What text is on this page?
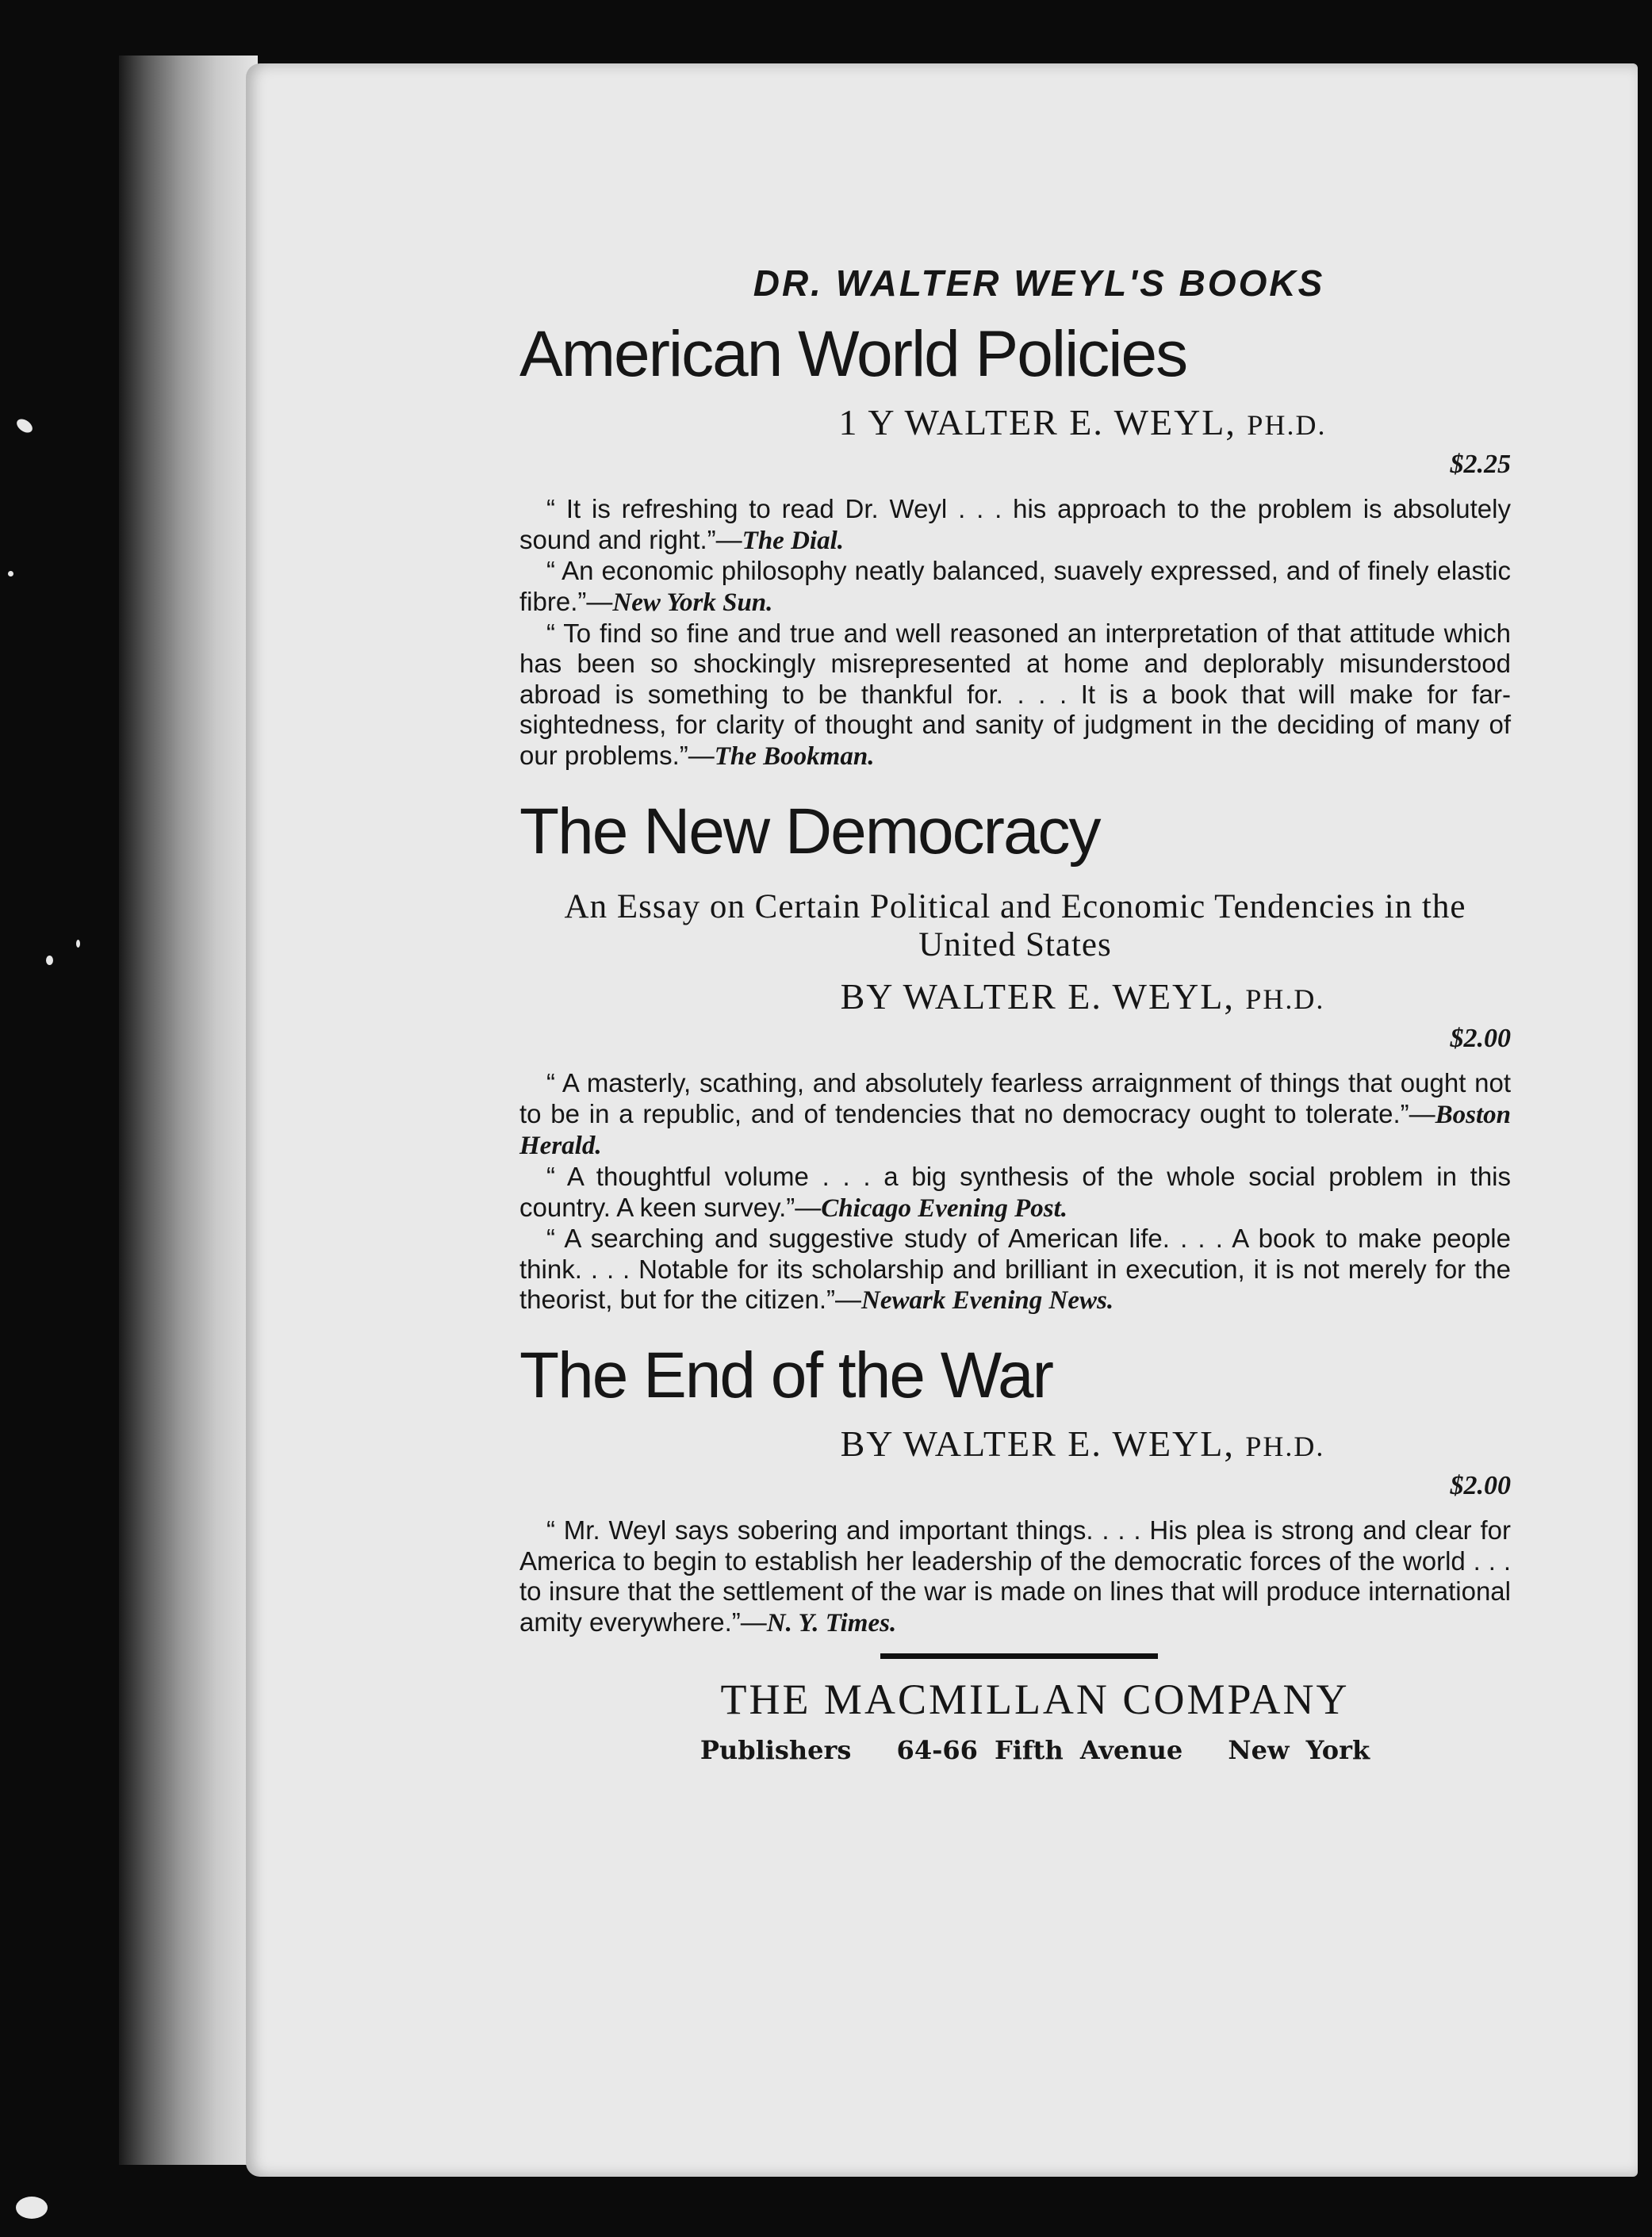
DR. WALTER WEYL'S BOOKS

American World Policies

1 Y WALTER E. WEYL, PH.D.

$2.25

“ It is refreshing to read Dr. Weyl . . . his approach to the problem is absolutely sound and right.”—The Dial.

“ An economic philosophy neatly balanced, suavely expressed, and of finely elastic fibre.”—New York Sun.

“ To find so fine and true and well reasoned an interpretation of that attitude which has been so shockingly misrepresented at home and deplorably misunderstood abroad is something to be thankful for. . . . It is a book that will make for far-sightedness, for clarity of thought and sanity of judgment in the deciding of many of our problems.”—The Bookman.

The New Democracy

An Essay on Certain Political and Economic Tendencies in the United States

BY WALTER E. WEYL, PH.D.

$2.00

“ A masterly, scathing, and absolutely fearless arraignment of things that ought not to be in a republic, and of tendencies that no democracy ought to tolerate.”—Boston Herald.

“ A thoughtful volume . . . a big synthesis of the whole social problem in this country. A keen survey.”—Chicago Evening Post.

“ A searching and suggestive study of American life. . . . A book to make people think. . . . Notable for its scholarship and brilliant in execution, it is not merely for the theorist, but for the citizen.”—Newark Evening News.

The End of the War

BY WALTER E. WEYL, PH.D.

$2.00

“ Mr. Weyl says sobering and important things. . . . His plea is strong and clear for America to begin to establish her leadership of the democratic forces of the world . . . to insure that the settlement of the war is made on lines that will produce international amity everywhere.”—N. Y. Times.

THE MACMILLAN COMPANY

Publishers 64-66 Fifth Avenue New York
